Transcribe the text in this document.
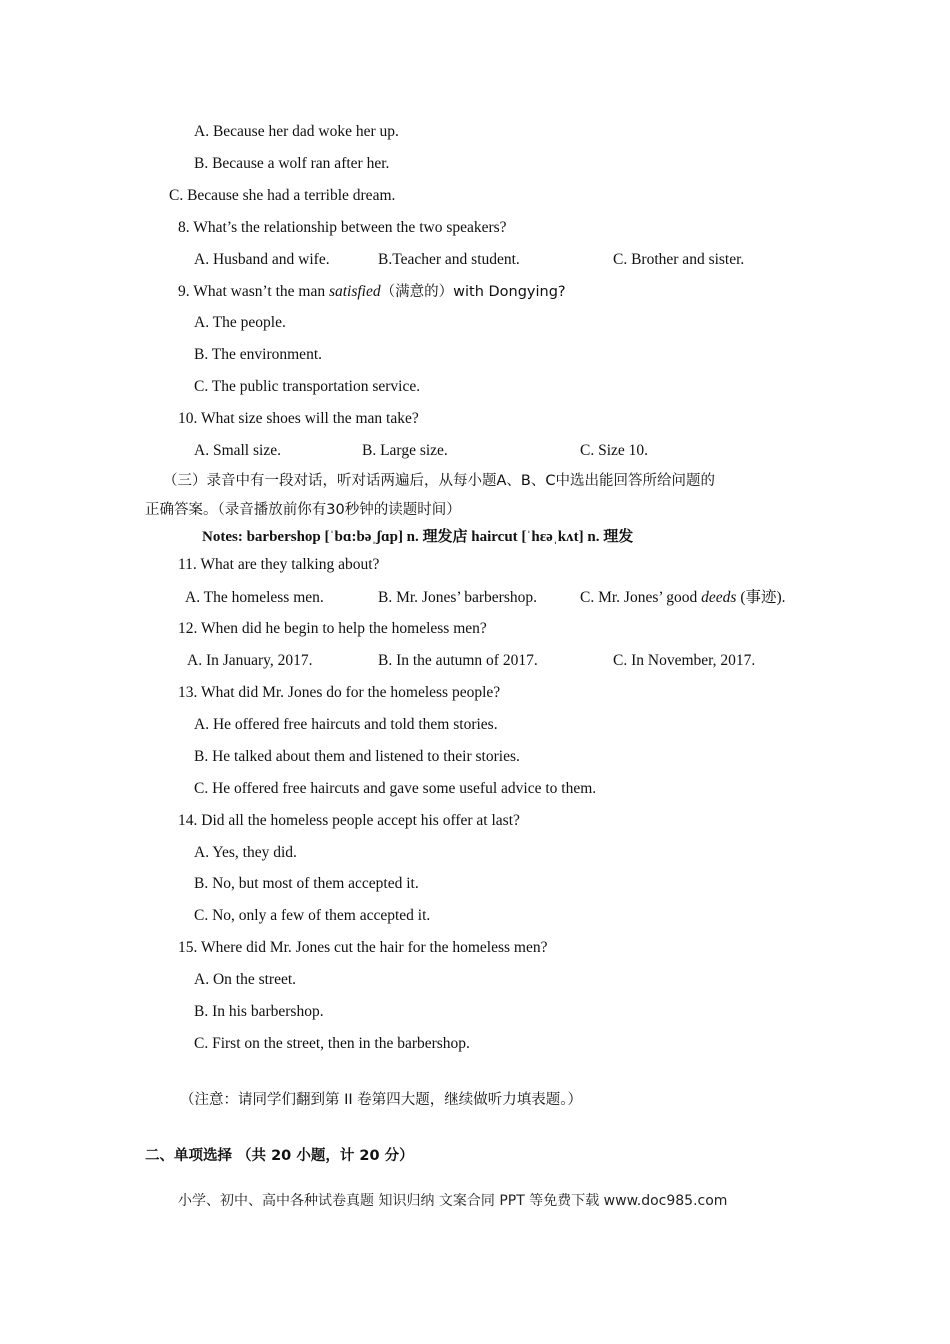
A. Because her dad woke her up.
B. Because a wolf ran after her.
C. Because she had a terrible dream.
8. What’s the relationship between the two speakers?
A. Husband and wife.	B.Teacher and student.	C. Brother and sister.
9. What wasn’t the man satisfied（满意的）with Dongying?
A. The people.
B. The environment.
C. The public transportation service.
10. What size shoes will the man take?
A. Small size.	B. Large size.	C. Size 10.
（三）录音中有一段对话，听对话两遍后，从每小题A、B、C中选出能回答所给问题的
正确答案。（录音播放前你有30秒钟的读题时间）
Notes: barbershop [ˈbɑ:bəˌʃɑp] n. 理发店 haircut [ˈhɛəˌkʌt] n. 理发
11. What are they talking about?
A. The homeless men.	B. Mr. Jones’ barbershop.	C. Mr. Jones’ good deeds (事迹).
12. When did he begin to help the homeless men?
A. In January, 2017.	B. In the autumn of 2017.	C. In November, 2017.
13. What did Mr. Jones do for the homeless people?
A. He offered free haircuts and told them stories.
B. He talked about them and listened to their stories.
C. He offered free haircuts and gave some useful advice to them.
14. Did all the homeless people accept his offer at last?
A. Yes, they did.
B. No, but most of them accepted it.
C. No, only a few of them accepted it.
15. Where did Mr. Jones cut the hair for the homeless men?
A. On the street.
B. In his barbershop.
C. First on the street, then in the barbershop.
（注意：请同学们翻到第 II 卷第四大题，继续做听力填表题。）
二、单项选择 （共 20 小题，计 20 分）
小学、初中、高中各种试卷真题 知识归纳 文案合同 PPT 等免费下载 www.doc985.com
